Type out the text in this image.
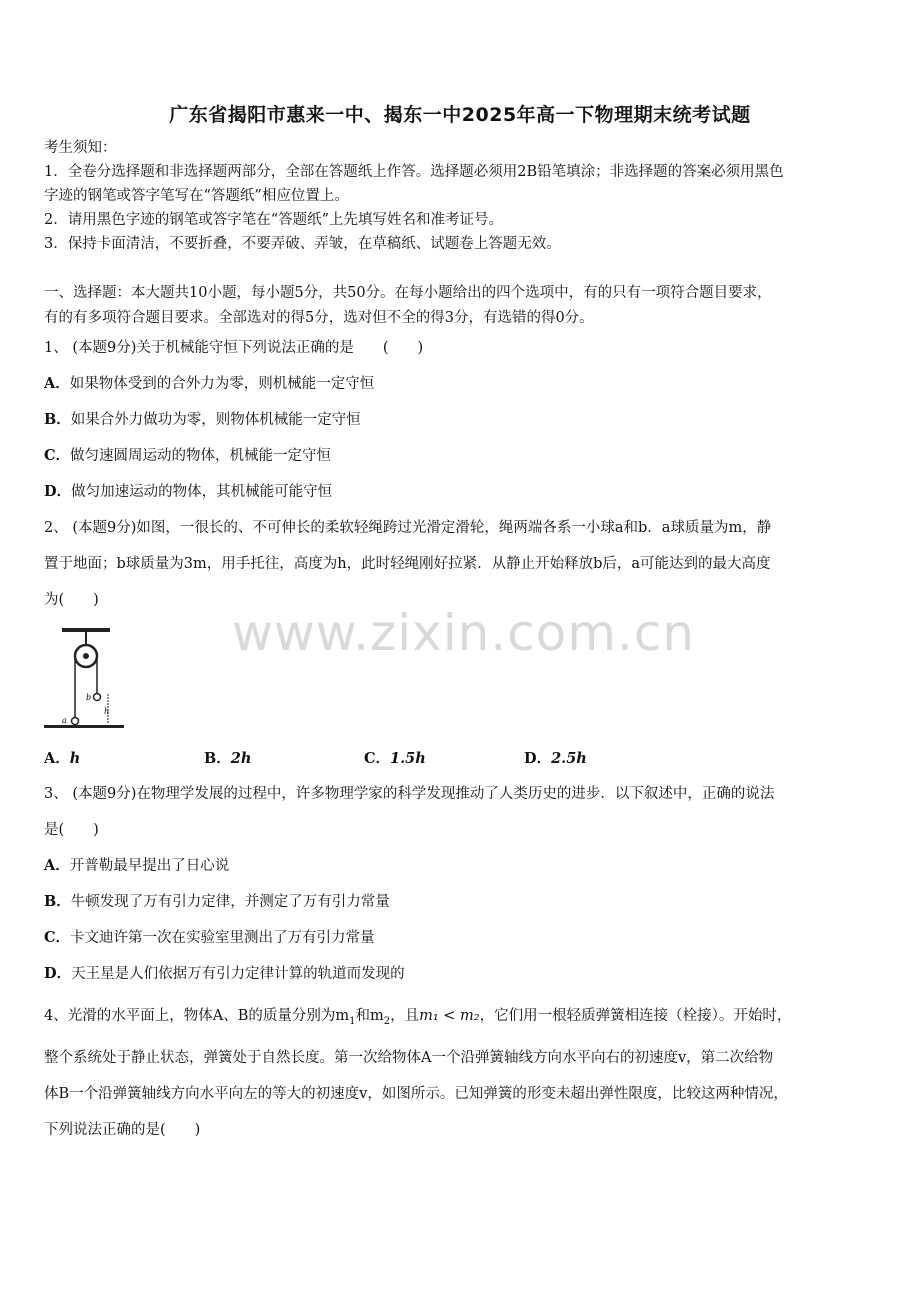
广东省揭阳市惠来一中、揭东一中2025年高一下物理期末统考试题
考生须知：
1．全卷分选择题和非选择题两部分，全部在答题纸上作答。选择题必须用2B铅笔填涂；非选择题的答案必须用黑色
字迹的钢笔或答字笔写在“答题纸”相应位置上。
2．请用黑色字迹的钢笔或答字笔在“答题纸”上先填写姓名和准考证号。
3．保持卡面清洁，不要折叠，不要弄破、弄皱，在草稿纸、试题卷上答题无效。
一、选择题：本大题共10小题，每小题5分，共50分。在每小题给出的四个选项中，有的只有一项符合题目要求，
有的有多项符合题目要求。全部选对的得5分，选对但不全的得3分，有选错的得0分。
1、 (本题9分)关于机械能守恒下列说法正确的是　　(　　)
A．如果物体受到的合外力为零，则机械能一定守恒
B．如果合外力做功为零，则物体机械能一定守恒
C．做匀速圆周运动的物体，机械能一定守恒
D．做匀加速运动的物体，其机械能可能守恒
2、 (本题9分)如图，一很长的、不可伸长的柔软轻绳跨过光滑定滑轮，绳两端各系一小球a和b．a球质量为m，静
置于地面；b球质量为3m，用手托往，高度为h，此时轻绳刚好拉紧．从静止开始释放b后，a可能达到的最大高度
为(　　)
www.zixin.com.cn
b
h
a
A．h	B．2h	C．1.5h	D．2.5h
3、 (本题9分)在物理学发展的过程中，许多物理学家的科学发现推动了人类历史的进步．以下叙述中，正确的说法
是(　　)
A．开普勒最早提出了日心说
B．牛顿发现了万有引力定律，并测定了万有引力常量
C．卡文迪许第一次在实验室里测出了万有引力常量
D．天王星是人们依据万有引力定律计算的轨道而发现的
4、光滑的水平面上，物体A、B的质量分别为$m_1$和$m_2$，且m₁ < m₂，它们用一根轻质弹簧相连接（栓接）。开始时，
整个系统处于静止状态，弹簧处于自然长度。第一次给物体A一个沿弹簧轴线方向水平向右的初速度v，第二次给物
体B一个沿弹簧轴线方向水平向左的等大的初速度v，如图所示。已知弹簧的形变未超出弹性限度，比较这两种情况，
下列说法正确的是(　　)
